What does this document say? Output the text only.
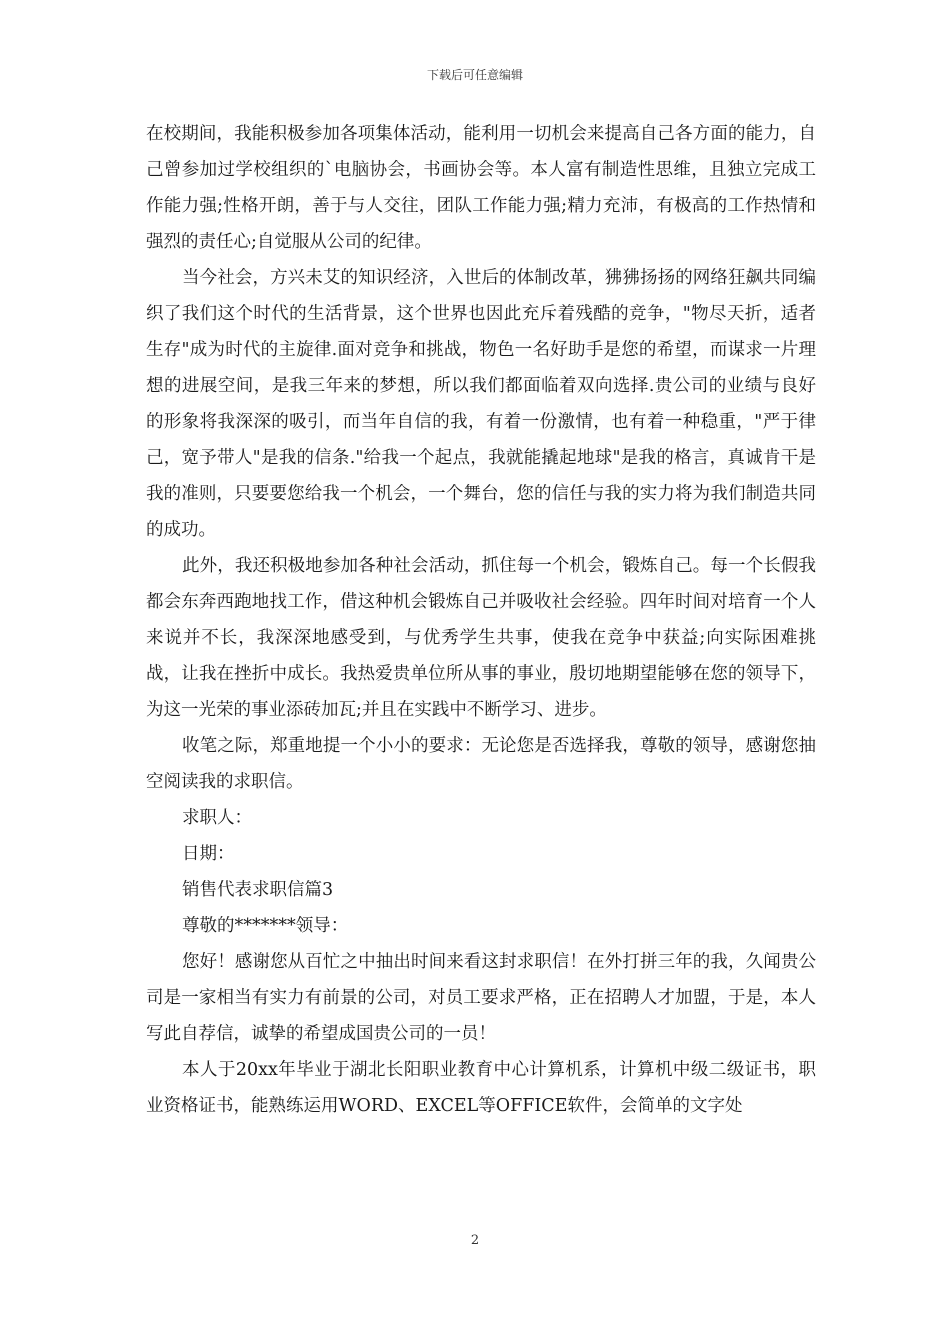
下载后可任意编辑

在校期间，我能积极参加各项集体活动，能利用一切机会来提高自己各方面的能力，自己曾参加过学校组织的`电脑协会，书画协会等。本人富有制造性思维，且独立完成工作能力强;性格开朗，善于与人交往，团队工作能力强;精力充沛，有极高的工作热情和强烈的责任心;自觉服从公司的纪律。

当今社会，方兴未艾的知识经济，入世后的体制改革，狒狒扬扬的网络狂飙共同编织了我们这个时代的生活背景，这个世界也因此充斥着残酷的竞争，"物尽天折，适者生存"成为时代的主旋律.面对竞争和挑战，物色一名好助手是您的希望，而谋求一片理想的进展空间，是我三年来的梦想，所以我们都面临着双向选择.贵公司的业绩与良好的形象将我深深的吸引，而当年自信的我，有着一份激情，也有着一种稳重，"严于律己，宽予带人"是我的信条."给我一个起点，我就能撬起地球"是我的格言，真诚肯干是我的准则，只要要您给我一个机会，一个舞台，您的信任与我的实力将为我们制造共同的成功。

此外，我还积极地参加各种社会活动，抓住每一个机会，锻炼自己。每一个长假我都会东奔西跑地找工作，借这种机会锻炼自己并吸收社会经验。四年时间对培育一个人来说并不长，我深深地感受到，与优秀学生共事，使我在竞争中获益;向实际困难挑战，让我在挫折中成长。我热爱贵单位所从事的事业，殷切地期望能够在您的领导下，为这一光荣的事业添砖加瓦;并且在实践中不断学习、进步。

收笔之际，郑重地提一个小小的要求：无论您是否选择我，尊敬的领导，感谢您抽空阅读我的求职信。

求职人：

日期：

销售代表求职信篇3

尊敬的*******领导：

您好！感谢您从百忙之中抽出时间来看这封求职信！在外打拼三年的我，久闻贵公司是一家相当有实力有前景的公司，对员工要求严格，正在招聘人才加盟，于是，本人写此自荐信，诚挚的希望成国贵公司的一员！

本人于20xx年毕业于湖北长阳职业教育中心计算机系，计算机中级二级证书，职业资格证书，能熟练运用WORD、EXCEL等OFFICE软件，会简单的文字处

2
